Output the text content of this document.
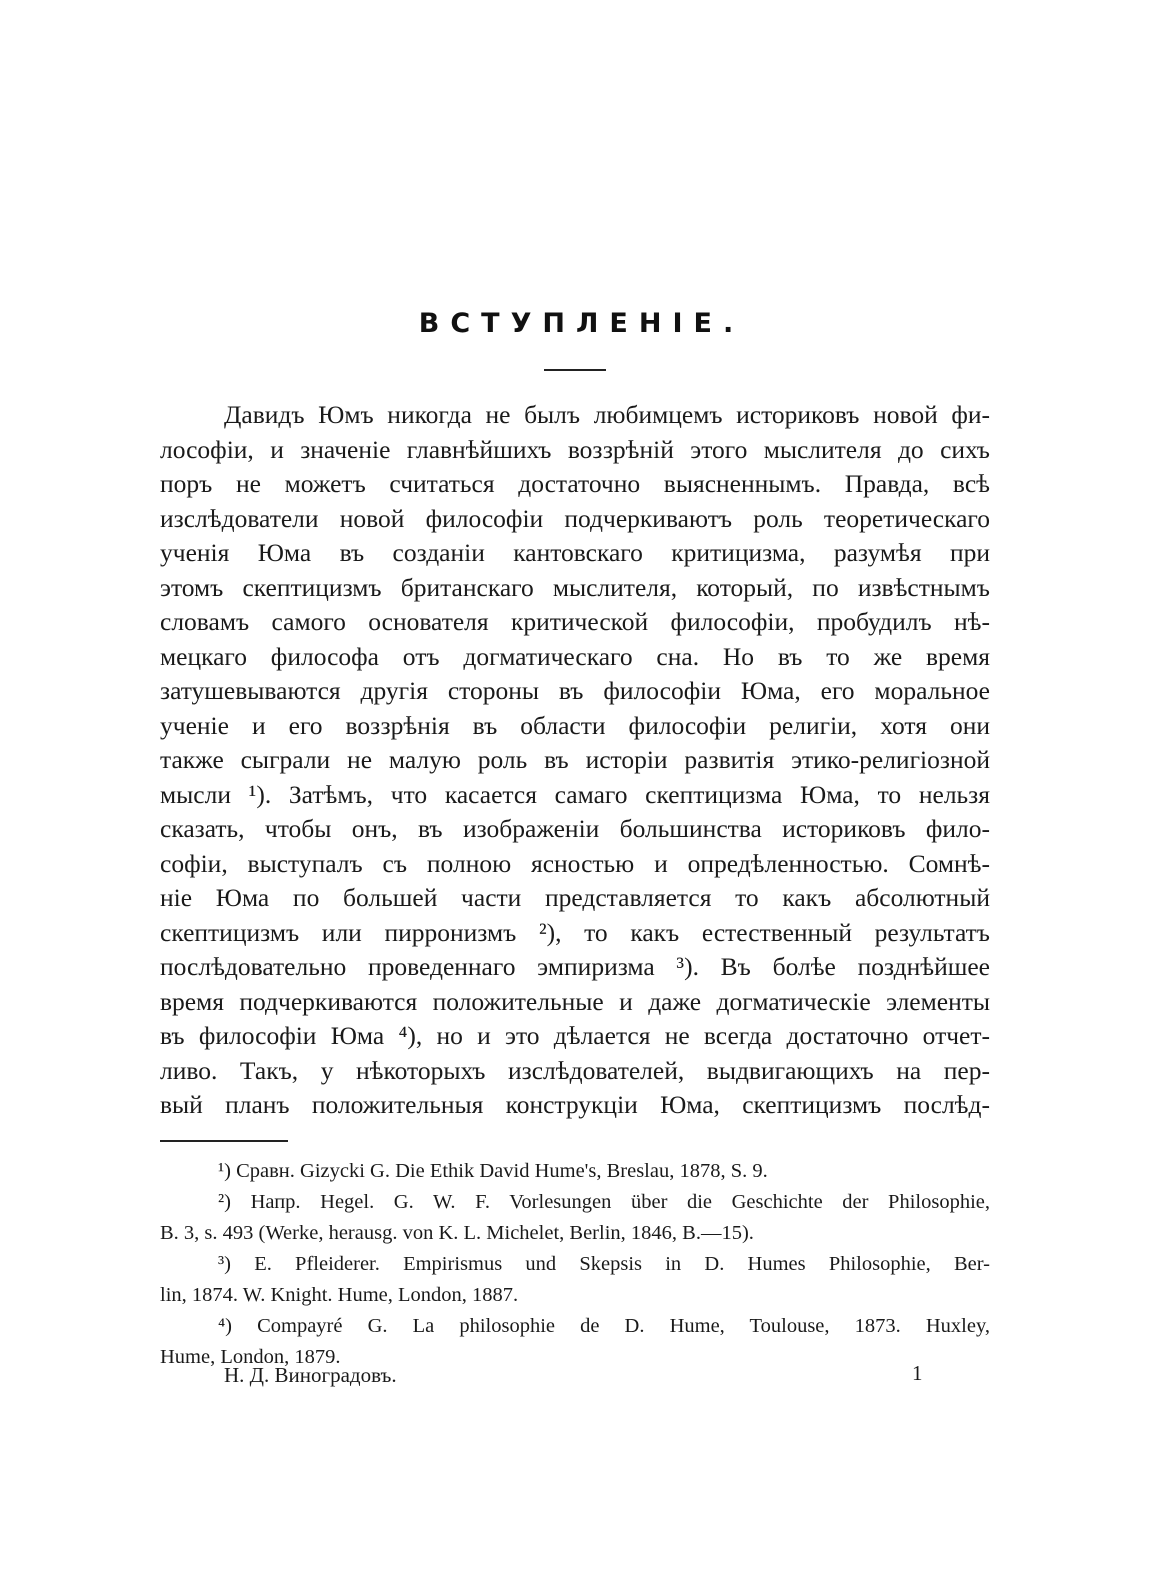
ВСТУПЛЕНІЕ.
Давидъ Юмъ никогда не былъ любимцемъ историковъ новой фи-
лософіи, и значеніе главнѣйшихъ воззрѣній этого мыслителя до сихъ
поръ не можетъ считаться достаточно выясненнымъ. Правда, всѣ
изслѣдователи новой философіи подчеркиваютъ роль теоретическаго
ученія Юма въ созданіи кантовскаго критицизма, разумѣя при
этомъ скептицизмъ британскаго мыслителя, который, по извѣстнымъ
словамъ самого основателя критической философіи, пробудилъ нѣ-
мецкаго философа отъ догматическаго сна. Но въ то же время
затушевываются другія стороны въ философіи Юма, его моральное
ученіе и его воззрѣнія въ области философіи религіи, хотя они
также сыграли не малую роль въ исторіи развитія этико-религіозной
мысли ¹). Затѣмъ, что касается самаго скептицизма Юма, то нельзя
сказать, чтобы онъ, въ изображеніи большинства историковъ фило-
софіи, выступалъ съ полною ясностью и опредѣленностью. Сомнѣ-
ніе Юма по большей части представляется то какъ абсолютный
скептицизмъ или пирронизмъ ²), то какъ естественный результатъ
послѣдовательно проведеннаго эмпиризма ³). Въ болѣе позднѣйшее
время подчеркиваются положительные и даже догматическіе элементы
въ философіи Юма ⁴), но и это дѣлается не всегда достаточно отчет-
ливо. Такъ, у нѣкоторыхъ изслѣдователей, выдвигающихъ на пер-
вый планъ положительныя конструкціи Юма, скептицизмъ послѣд-
¹) Сравн. Gizycki G. Die Ethik David Hume's, Breslau, 1878, S. 9.
²) Напр. Hegel. G. W. F. Vorlesungen über die Geschichte der Philosophie,
B. 3, s. 493 (Werke, herausg. von K. L. Michelet, Berlin, 1846, B.—15).
³) E. Pfleiderer. Empirismus und Skepsis in D. Humes Philosophie, Ber-
lin, 1874. W. Knight. Hume, London, 1887.
⁴) Compayré G. La philosophie de D. Hume, Toulouse, 1873. Huxley,
Hume, London, 1879.
Н. Д. Виноградовъ.	1
